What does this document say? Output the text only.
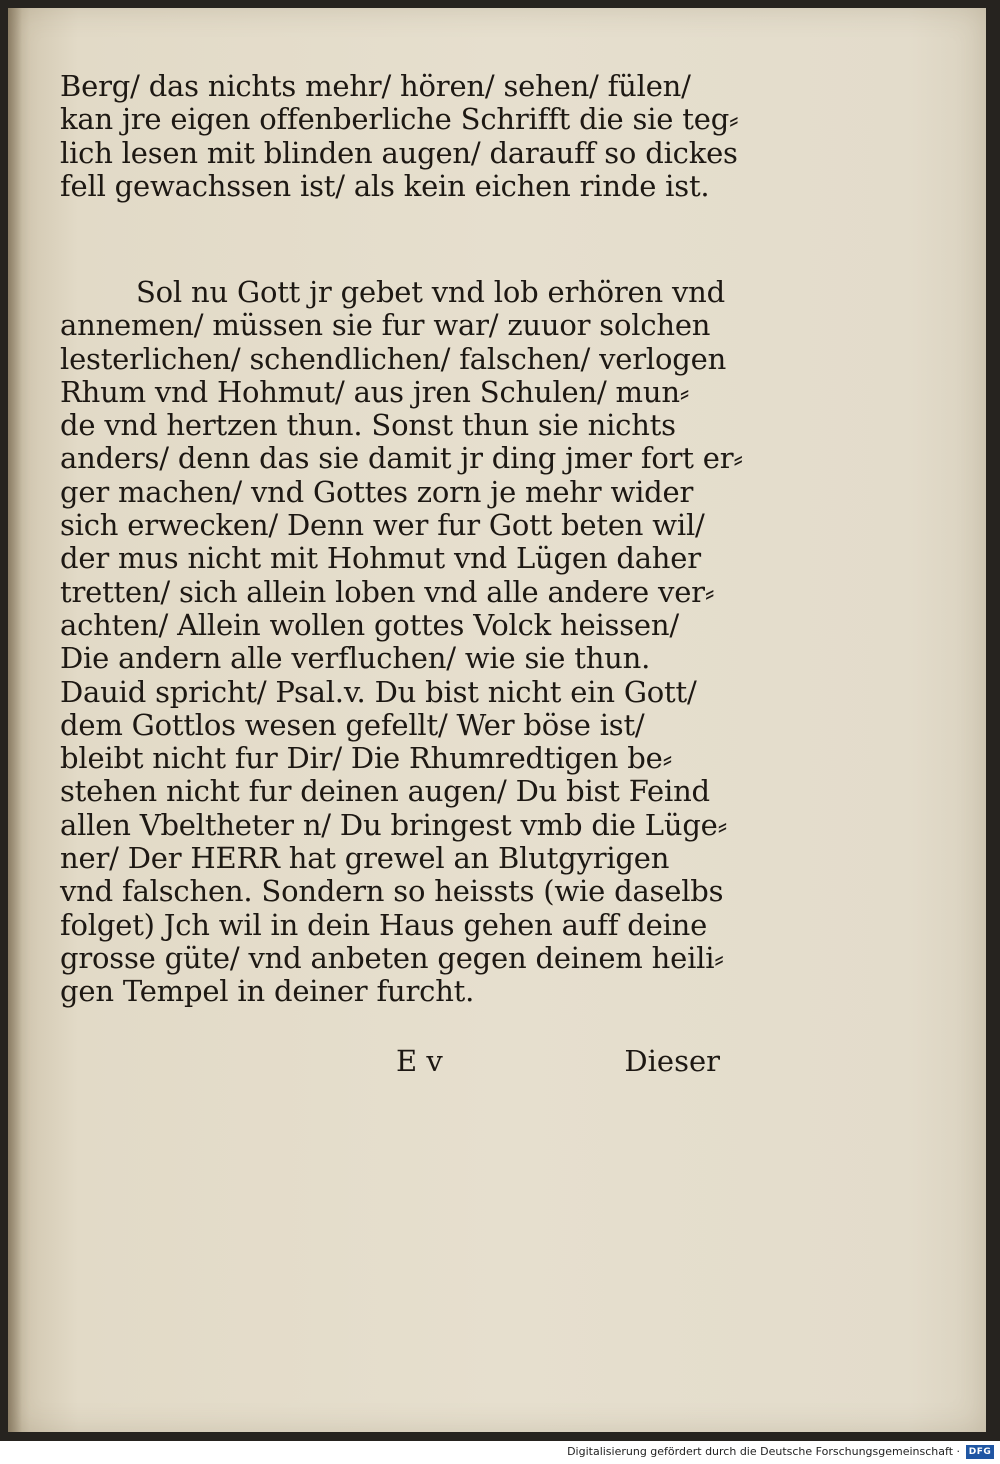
Berg/ das nichts mehr/ hören/ sehen/ fülen/
kan jre eigen offenberliche Schrifft die sie teg⸗
lich lesen mit blinden augen/ darauff so dickes
fell gewachssen ist/ als kein eichen rinde ist.
Sol nu Gott jr gebet vnd lob erhören vnd
annemen/ müssen sie fur war/ zuuor solchen
lesterlichen/ schendlichen/ falschen/ verlogen
Rhum vnd Hohmut/ aus jren Schulen/ mun⸗
de vnd hertzen thun. Sonst thun sie nichts
anders/ denn das sie damit jr ding jmer fort er⸗
ger machen/ vnd Gottes zorn je mehr wider
sich erwecken/ Denn wer fur Gott beten wil/
der mus nicht mit Hohmut vnd Lügen daher
tretten/ sich allein loben vnd alle andere ver⸗
achten/ Allein wollen gottes Volck heissen/
Die andern alle verfluchen/ wie sie thun.
Dauid spricht/ Psal.v. Du bist nicht ein Gott/
dem Gottlos wesen gefellt/ Wer böse ist/
bleibt nicht fur Dir/ Die Rhumredtigen be⸗
stehen nicht fur deinen augen/ Du bist Feind
allen Vbeltheter n/ Du bringest vmb die Lüge⸗
ner/ Der HERR hat grewel an Blutgyrigen
vnd falschen. Sondern so heissts (wie daselbs
folget) Jch wil in dein Haus gehen auff deine
grosse güte/ vnd anbeten gegen deinem heili⸗
gen Tempel in deiner furcht.
E v	Dieser
Digitalisierung gefördert durch die Deutsche Forschungsgemeinschaft · DFG
